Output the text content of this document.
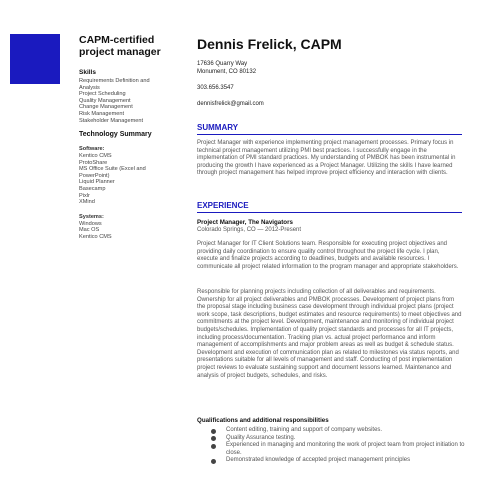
CAPM-certified
project manager
Skills
Requirements Definition and
Analysis
Project Scheduling
Quality Management
Change Management
Risk Management
Stakeholder Management
Technology Summary
Software:
Kentico CMS
ProtoShare
MS Office Suite (Excel and
PowerPoint)
Liquid Planner
Basecamp
Pixlr
XMind
Systems:
Windows
Mac OS
Kentico CMS
Dennis Frelick, CAPM
17636 Quarry Way
Monument, CO 80132
303.656.3547
dennisfrelick@gmail.com
SUMMARY
Project Manager with experience implementing project management processes. Primary focus in technical project management utilizing PMI best practices. I successfully engage in the implementation of PMI standard practices. My understanding of PMBOK has been instrumental in producing the growth I have experienced as a Project Manager. Utilizing the skills I have learned through project management has helped improve project efficiency and interaction with clients.
EXPERIENCE
Project Manager, The Navigators
Colorado Springs, CO — 2012-Present
Project Manager for IT Client Solutions team. Responsible for executing project objectives and providing daily coordination to ensure quality control throughout the project life cycle. I plan, execute and finalize projects according to deadlines, budgets and available resources. I communicate all project related information to the program manager and appropriate stakeholders.
Responsible for planning projects including collection of all deliverables and requirements. Ownership for all project deliverables and PMBOK processes. Development of project plans from the proposal stage including business case development through individual project plans (project work scope, task descriptions, budget estimates and resource requirements) to meet objectives and commitments at the project level. Development, maintenance and monitoring of individual project budgets/schedules. Implementation of quality project standards and processes for all IT projects, including process/documentation. Tracking plan vs. actual project performance and inform management of accomplishments and major problem areas as well as budget & schedule status. Development and execution of communication plan as related to milestones via status reports, and presentations suitable for all levels of management and staff. Conducting of post implementation project reviews to evaluate sustaining support and document lessons learned. Maintenance and analysis of project budgets, schedules, and risks.
Qualifications and additional responsibilities
Content editing, training and support of company websites.
Quality Assurance testing.
Experienced in managing and monitoring the work of project team from project initiation to close.
Demonstrated knowledge of accepted project management principles
